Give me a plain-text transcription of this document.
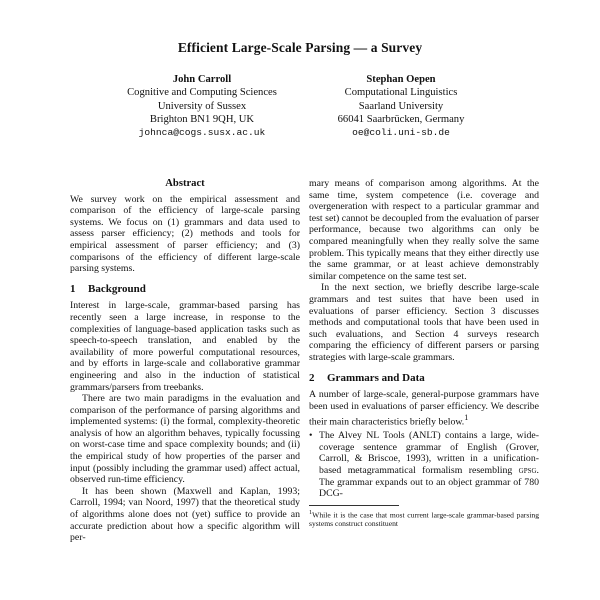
Efficient Large-Scale Parsing — a Survey
John Carroll
Cognitive and Computing Sciences
University of Sussex
Brighton BN1 9QH, UK
johnca@cogs.susx.ac.uk
Stephan Oepen
Computational Linguistics
Saarland University
66041 Saarbrücken, Germany
oe@coli.uni-sb.de
Abstract

We survey work on the empirical assessment and comparison of the efficiency of large-scale parsing systems. We focus on (1) grammars and data used to assess parser efficiency; (2) methods and tools for empirical assessment of parser efficiency; and (3) comparisons of the efficiency of different large-scale parsing systems.

1 Background

Interest in large-scale, grammar-based parsing has recently seen a large increase, in response to the complexities of language-based application tasks such as speech-to-speech translation, and enabled by the availability of more powerful computational resources, and by efforts in large-scale and collaborative grammar engineering and also in the induction of statistical grammars/parsers from treebanks.

There are two main paradigms in the evaluation and comparison of the performance of parsing algorithms and implemented systems: (i) the formal, complexity-theoretic analysis of how an algorithm behaves, typically focussing on worst-case time and space complexity bounds; and (ii) the empirical study of how properties of the parser and input (possibly including the grammar used) affect actual, observed run-time efficiency.

It has been shown (Maxwell and Kaplan, 1993; Carroll, 1994; van Noord, 1997) that the theoretical study of algorithms alone does not (yet) suffice to provide an accurate prediction about how a specific algorithm will per-

mary means of comparison among algorithms. At the same time, system competence (i.e. coverage and overgeneration with respect to a particular grammar and test set) cannot be decoupled from the evaluation of parser performance, because two algorithms can only be compared meaningfully when they really solve the same problem. This typically means that they either directly use the same grammar, or at least achieve demonstrably similar competence on the same test set.

In the next section, we briefly describe large-scale grammars and test suites that have been used in evaluations of parser efficiency. Section 3 discusses methods and computational tools that have been used in such evaluations, and Section 4 surveys research comparing the efficiency of different parsers or parsing strategies with large-scale grammars.

2 Grammars and Data

A number of large-scale, general-purpose grammars have been used in evaluations of parser efficiency. We describe their main characteristics briefly below.$^1$

• The Alvey NL Tools (ANLT) contains a large, wide-coverage sentence grammar of English (Grover, Carroll, & Briscoe, 1993), written in a unification-based metagrammatical formalism resembling gpsg. The grammar expands out to an object grammar of 780 DCG-

$^1$While it is the case that most current large-scale grammar-based parsing systems construct constituent
